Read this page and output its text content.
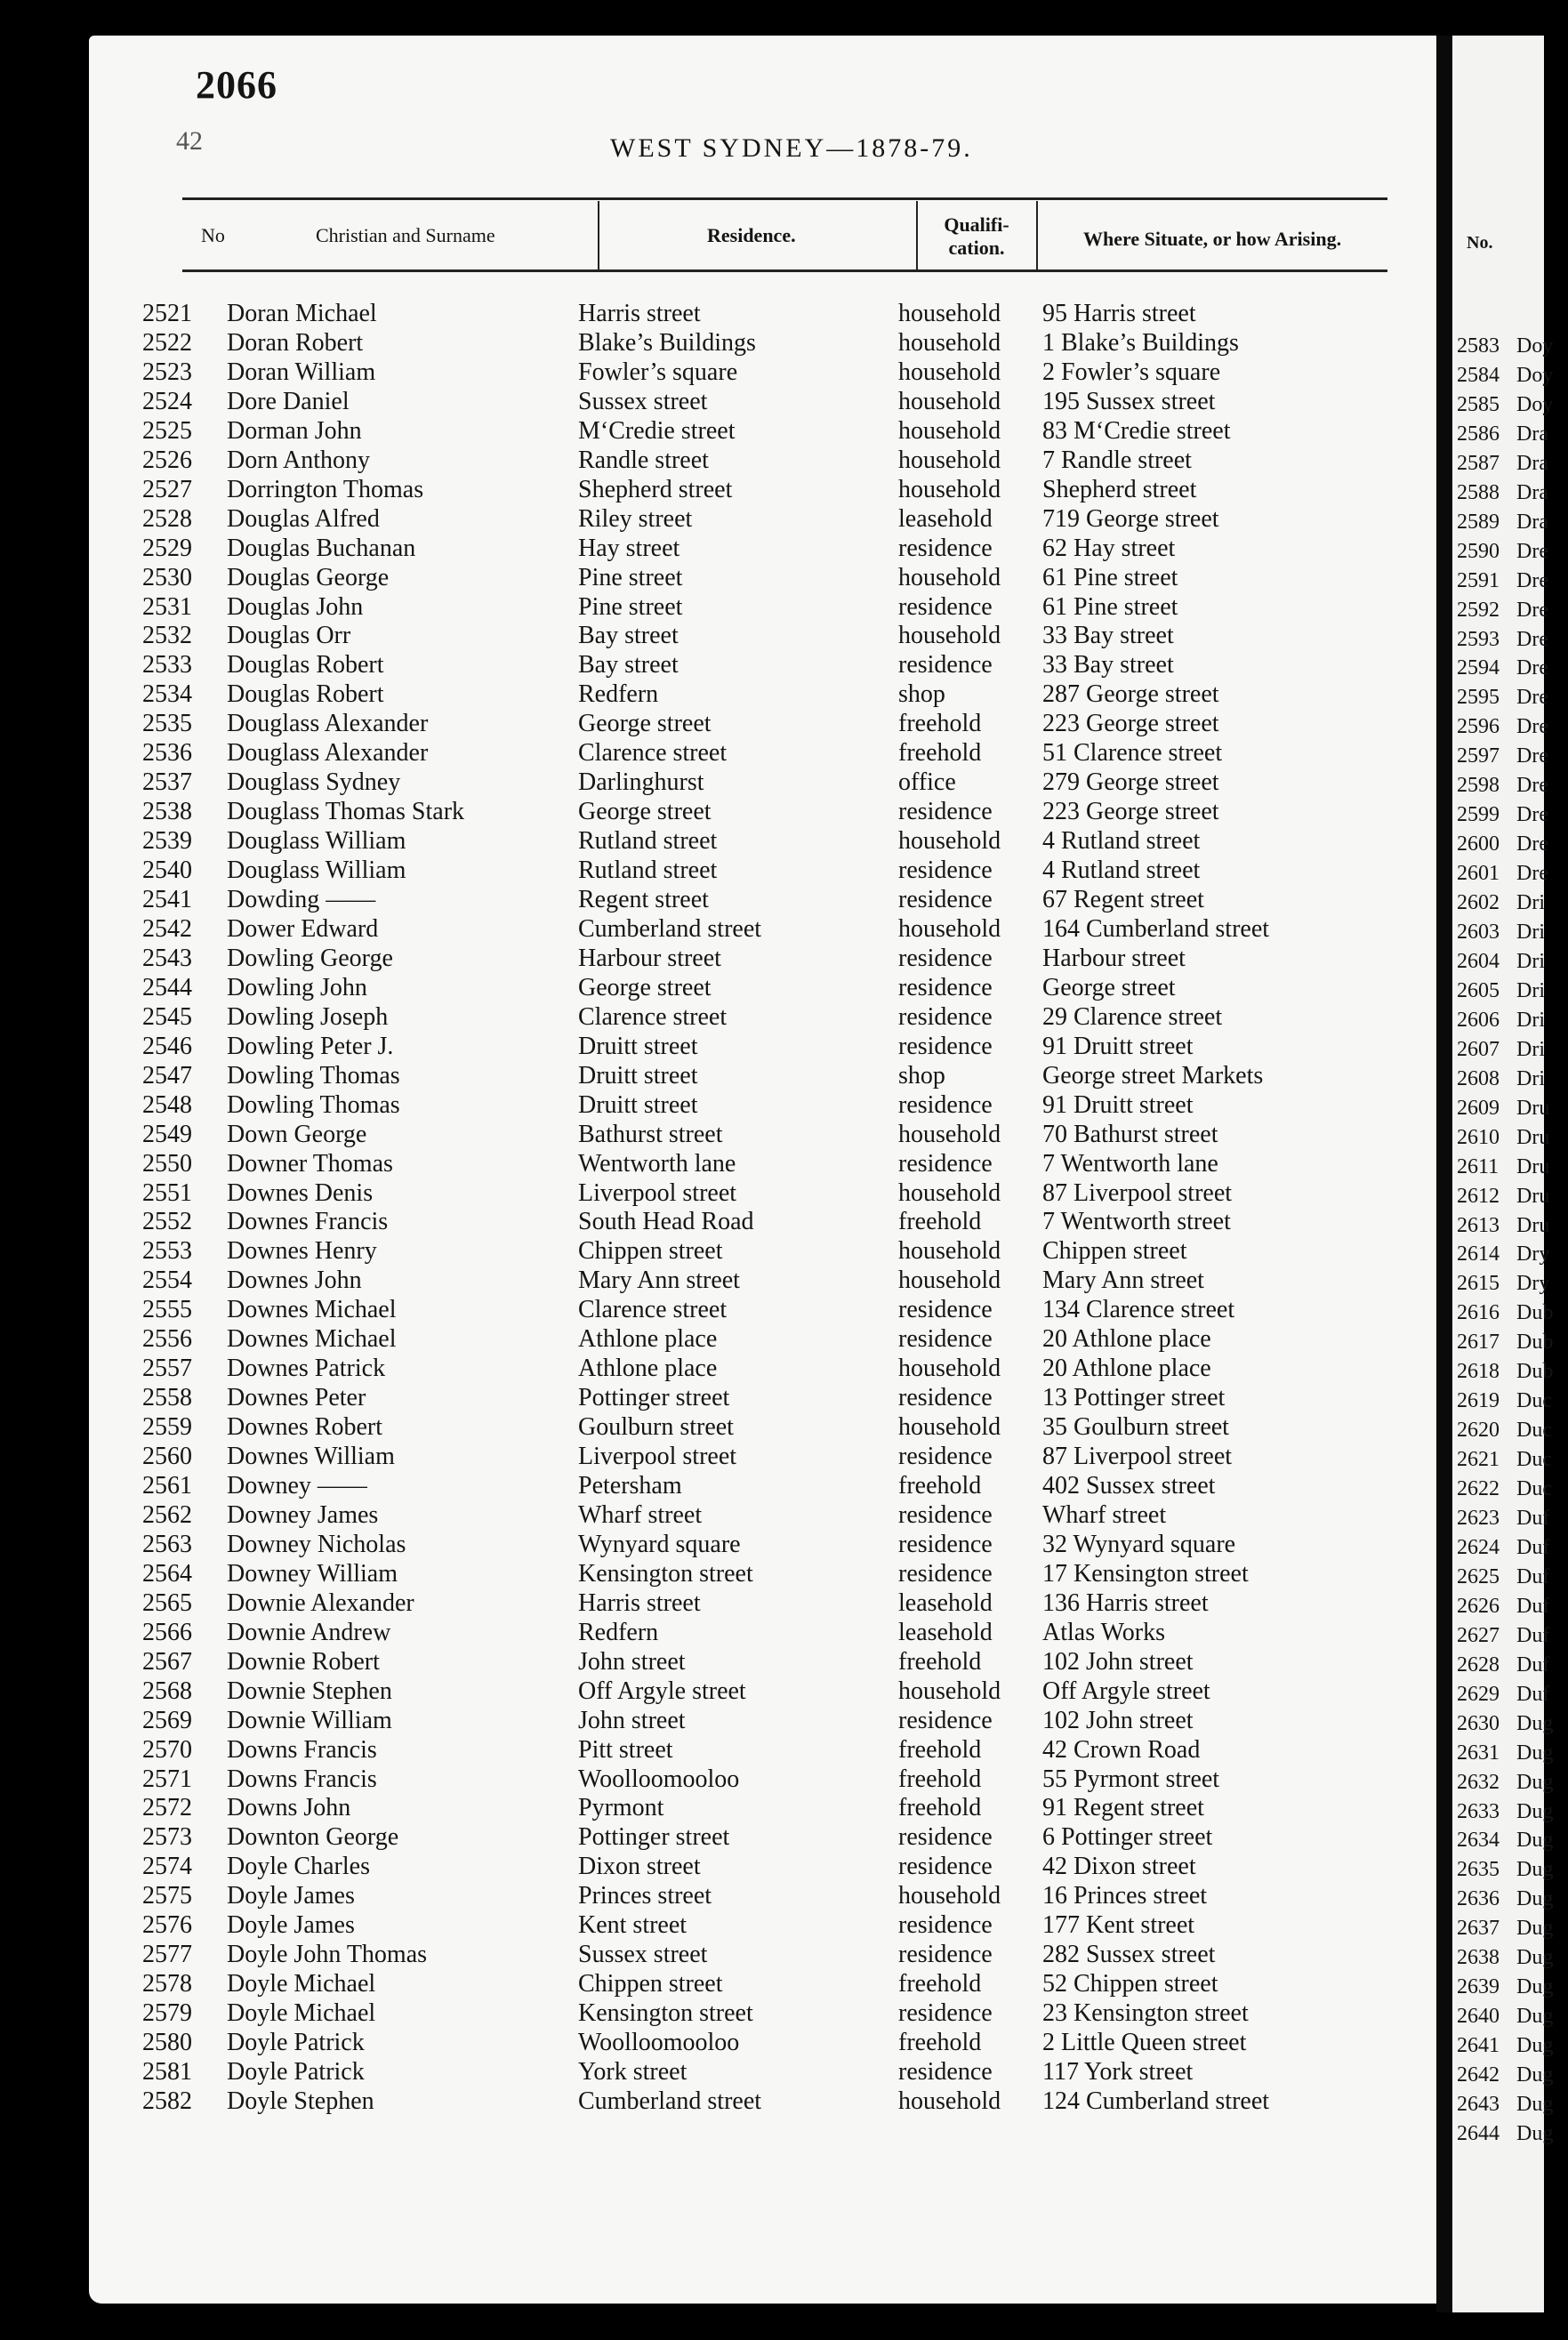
No.
2583 Doy
2584 Doy
2585 Doy
2586 Dra
2587 Dra
2588 Dra
2589 Dra
2590 Dre
2591 Dre
2592 Dre
2593 Dre
2594 Dre
2595 Dre
2596 Dre
2597 Dre
2598 Dre
2599 Dre
2600 Dre
2601 Dre
2602 Dri
2603 Dri
2604 Dri
2605 Dri
2606 Dri
2607 Dri
2608 Dri
2609 Dru
2610 Dru
2611 Dru
2612 Dru
2613 Dru
2614 Dry
2615 Dry
2616 Dub
2617 Dub
2618 Dub
2619 Duc
2620 Duc
2621 Duc
2622 Duc
2623 Duf
2624 Duf
2625 Duf
2626 Duf
2627 Duf
2628 Duf
2629 Duf
2630 Dug
2631 Dug
2632 Dug
2633 Dug
2634 Dug
2635 Dug
2636 Dug
2637 Dug
2638 Dug
2639 Dug
2640 Dug
2641 Dug
2642 Dug
2643 Dug
2644 Dug
2066
42	WEST SYDNEY—1878-79.
No	Christian and Surname	Residence.	Qualifi-
cation.	Where Situate, or how Arising.
2521 Doran Michael	Harris street	household 95 Harris street
2522 Doran Robert	Blake’s Buildings	household 1 Blake’s Buildings
2523 Doran William	Fowler’s square	household 2 Fowler’s square
2524 Dore Daniel	Sussex street	household 195 Sussex street
2525 Dorman John	M‘Credie street	household 83 M‘Credie street
2526 Dorn Anthony	Randle street	household 7 Randle street
2527 Dorrington Thomas	Shepherd street	household Shepherd street
2528 Douglas Alfred	Riley street	leasehold 719 George street
2529 Douglas Buchanan	Hay street	residence 62 Hay street
2530 Douglas George	Pine street	household 61 Pine street
2531 Douglas John	Pine street	residence 61 Pine street
2532 Douglas Orr	Bay street	household 33 Bay street
2533 Douglas Robert	Bay street	residence 33 Bay street
2534 Douglas Robert	Redfern	shop	287 George street
2535 Douglass Alexander	George street	freehold 223 George street
2536 Douglass Alexander	Clarence street	freehold 51 Clarence street
2537 Douglass Sydney	Darlinghurst	office	279 George street
2538 Douglass Thomas Stark	George street	residence 223 George street
2539 Douglass William	Rutland street	household 4 Rutland street
2540 Douglass William	Rutland street	residence 4 Rutland street
2541 Dowding ——	Regent street	residence 67 Regent street
2542 Dower Edward	Cumberland street	household 164 Cumberland street
2543 Dowling George	Harbour street	residence Harbour street
2544 Dowling John	George street	residence George street
2545 Dowling Joseph	Clarence street	residence 29 Clarence street
2546 Dowling Peter J.	Druitt street	residence 91 Druitt street
2547 Dowling Thomas	Druitt street	shop	George street Markets
2548 Dowling Thomas	Druitt street	residence 91 Druitt street
2549 Down George	Bathurst street	household 70 Bathurst street
2550 Downer Thomas	Wentworth lane	residence 7 Wentworth lane
2551 Downes Denis	Liverpool street	household 87 Liverpool street
2552 Downes Francis	South Head Road	freehold 7 Wentworth street
2553 Downes Henry	Chippen street	household Chippen street
2554 Downes John	Mary Ann street	household Mary Ann street
2555 Downes Michael	Clarence street	residence 134 Clarence street
2556 Downes Michael	Athlone place	residence 20 Athlone place
2557 Downes Patrick	Athlone place	household 20 Athlone place
2558 Downes Peter	Pottinger street	residence 13 Pottinger street
2559 Downes Robert	Goulburn street	household 35 Goulburn street
2560 Downes William	Liverpool street	residence 87 Liverpool street
2561 Downey ——	Petersham	freehold 402 Sussex street
2562 Downey James	Wharf street	residence Wharf street
2563 Downey Nicholas	Wynyard square	residence 32 Wynyard square
2564 Downey William	Kensington street	residence 17 Kensington street
2565 Downie Alexander	Harris street	leasehold 136 Harris street
2566 Downie Andrew	Redfern	leasehold Atlas Works
2567 Downie Robert	John street	freehold 102 John street
2568 Downie Stephen	Off Argyle street	household Off Argyle street
2569 Downie William	John street	residence 102 John street
2570 Downs Francis	Pitt street	freehold 42 Crown Road
2571 Downs Francis	Woolloomooloo	freehold 55 Pyrmont street
2572 Downs John	Pyrmont	freehold 91 Regent street
2573 Downton George	Pottinger street	residence 6 Pottinger street
2574 Doyle Charles	Dixon street	residence 42 Dixon street
2575 Doyle James	Princes street	household 16 Princes street
2576 Doyle James	Kent street	residence 177 Kent street
2577 Doyle John Thomas	Sussex street	residence 282 Sussex street
2578 Doyle Michael	Chippen street	freehold 52 Chippen street
2579 Doyle Michael	Kensington street	residence 23 Kensington street
2580 Doyle Patrick	Woolloomooloo	freehold 2 Little Queen street
2581 Doyle Patrick	York street	residence 117 York street
2582 Doyle Stephen	Cumberland street	household 124 Cumberland street
